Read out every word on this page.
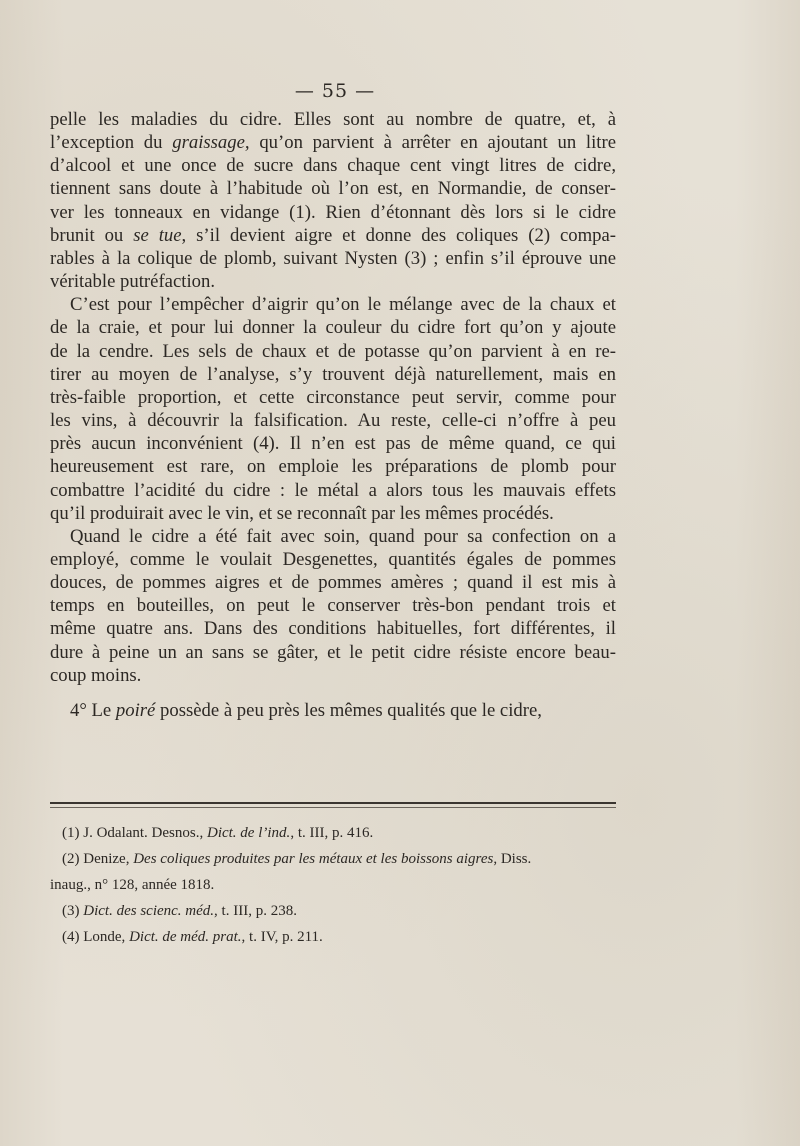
— 55 —
pelle les maladies du cidre. Elles sont au nombre de quatre, et, à
l’exception du graissage, qu’on parvient à arrêter en ajoutant un litre
d’alcool et une once de sucre dans chaque cent vingt litres de cidre,
tiennent sans doute à l’habitude où l’on est, en Normandie, de conser-
ver les tonneaux en vidange (1). Rien d’étonnant dès lors si le cidre
brunit ou se tue, s’il devient aigre et donne des coliques (2) compa-
rables à la colique de plomb, suivant Nysten (3) ; enfin s’il éprouve une
véritable putréfaction.
C’est pour l’empêcher d’aigrir qu’on le mélange avec de la chaux et
de la craie, et pour lui donner la couleur du cidre fort qu’on y ajoute
de la cendre. Les sels de chaux et de potasse qu’on parvient à en re-
tirer au moyen de l’analyse, s’y trouvent déjà naturellement, mais en
très-faible proportion, et cette circonstance peut servir, comme pour
les vins, à découvrir la falsification. Au reste, celle-ci n’offre à peu
près aucun inconvénient (4). Il n’en est pas de même quand, ce qui
heureusement est rare, on emploie les préparations de plomb pour
combattre l’acidité du cidre : le métal a alors tous les mauvais effets
qu’il produirait avec le vin, et se reconnaît par les mêmes procédés.
Quand le cidre a été fait avec soin, quand pour sa confection on a
employé, comme le voulait Desgenettes, quantités égales de pommes
douces, de pommes aigres et de pommes amères ; quand il est mis à
temps en bouteilles, on peut le conserver très-bon pendant trois et
même quatre ans. Dans des conditions habituelles, fort différentes, il
dure à peine un an sans se gâter, et le petit cidre résiste encore beau-
coup moins.
4° Le poiré possède à peu près les mêmes qualités que le cidre,
(1) J. Odalant. Desnos., Dict. de l’ind., t. III, p. 416.
(2) Denize, Des coliques produites par les métaux et les boissons aigres, Diss.
inaug., n° 128, année 1818.
(3) Dict. des scienc. méd., t. III, p. 238.
(4) Londe, Dict. de méd. prat., t. IV, p. 211.
